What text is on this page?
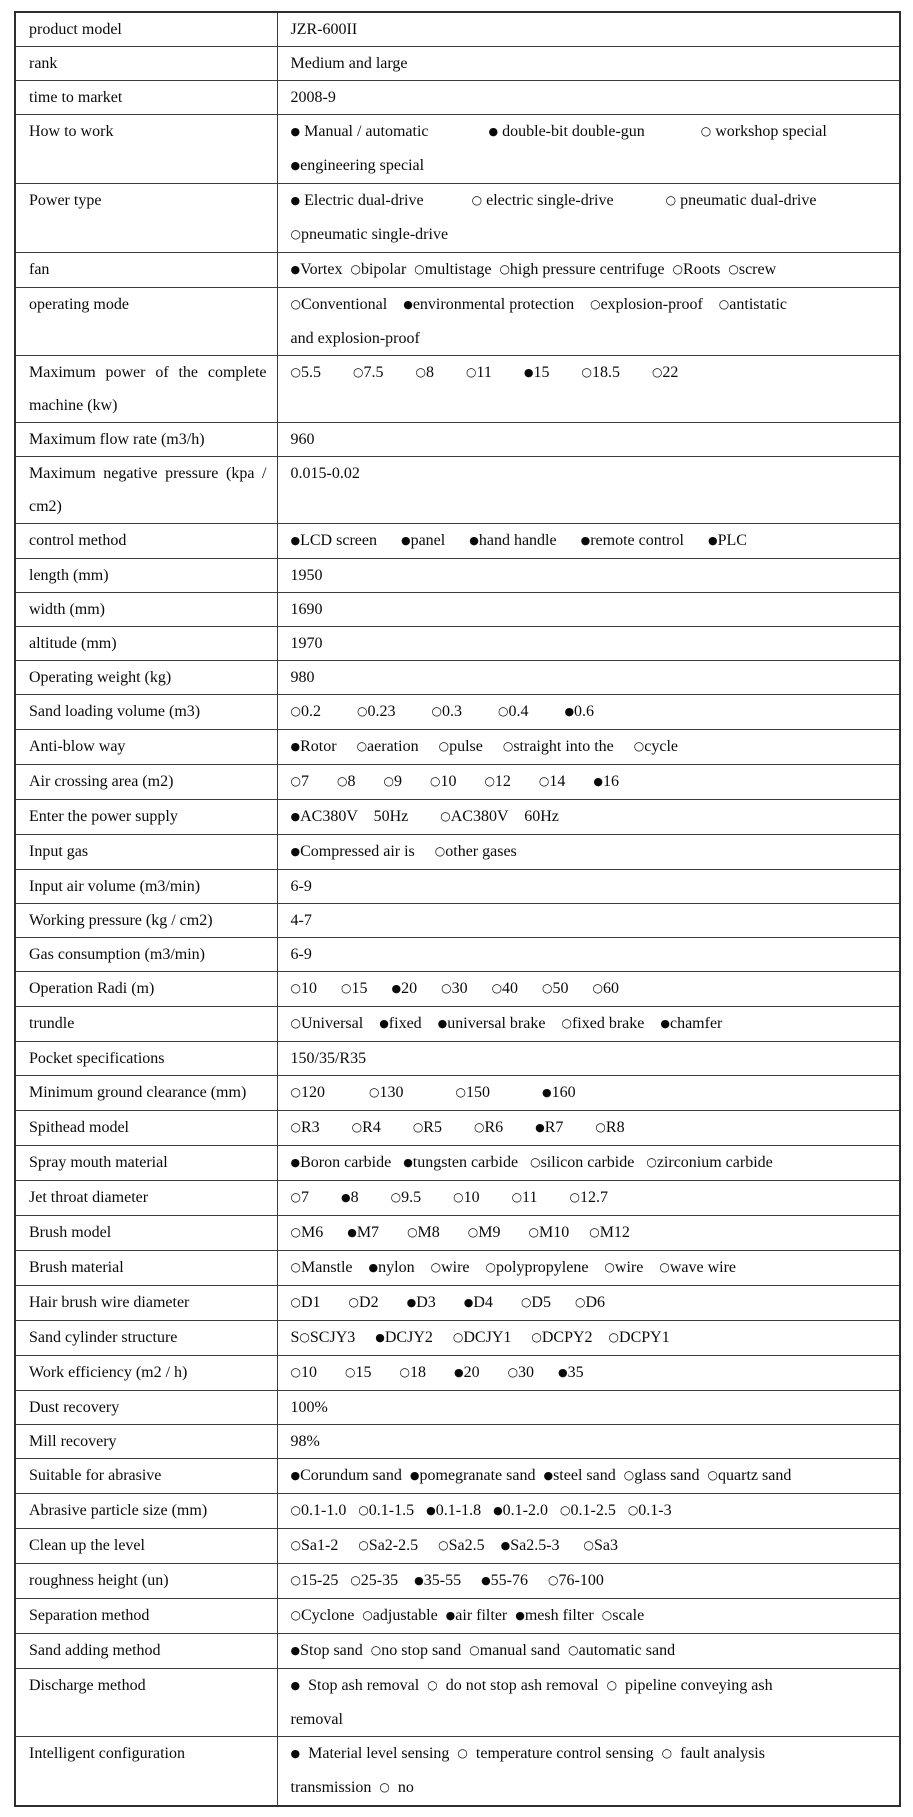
product model	JZR-600II
rank	Medium and large
time to market	2008-9
How to work	● Manual / automatic               ● double-bit double-gun              ○ workshop special
●engineering special
Power type	● Electric dual-drive            ○ electric single-drive             ○ pneumatic dual-drive
○pneumatic single-drive
fan	●Vortex  ○bipolar  ○multistage  ○high pressure centrifuge  ○Roots  ○screw
operating mode	○Conventional    ●environmental protection    ○explosion-proof    ○antistatic
and explosion-proof
Maximum power of the complete machine (kw)	○5.5        ○7.5        ○8        ○11        ●15        ○18.5        ○22
Maximum flow rate (m3/h)	960
Maximum negative pressure (kpa / cm2)	0.015-0.02
control method	●LCD screen      ●panel      ●hand handle      ●remote control      ●PLC
length (mm)	1950
width (mm)	1690
altitude (mm)	1970
Operating weight (kg)	980
Sand loading volume (m3)	○0.2         ○0.23         ○0.3         ○0.4         ●0.6
Anti-blow way	●Rotor     ○aeration     ○pulse     ○straight into the     ○cycle
Air crossing area (m2)	○7       ○8       ○9       ○10       ○12       ○14       ●16
Enter the power supply	●AC380V    50Hz        ○AC380V    60Hz
Input gas	●Compressed air is     ○other gases
Input air volume (m3/min)	6-9
Working pressure (kg / cm2)	4-7
Gas consumption (m3/min)	6-9
Operation Radi (m)	○10      ○15      ●20      ○30      ○40      ○50      ○60
trundle	○Universal    ●fixed    ●universal brake    ○fixed brake    ●chamfer
Pocket specifications	150/35/R35
Minimum ground clearance (mm)	○120           ○130             ○150             ●160
Spithead model	○R3        ○R4        ○R5        ○R6        ●R7        ○R8
Spray mouth material	●Boron carbide   ●tungsten carbide   ○silicon carbide   ○zirconium carbide
Jet throat diameter	○7        ●8        ○9.5        ○10        ○11        ○12.7
Brush model	○M6      ●M7       ○M8       ○M9       ○M10     ○M12
Brush material	○Manstle    ●nylon    ○wire    ○polypropylene    ○wire    ○wave wire
Hair brush wire diameter	○D1       ○D2       ●D3       ●D4       ○D5      ○D6
Sand cylinder structure	S○SCJY3     ●DCJY2     ○DCJY1     ○DCPY2    ○DCPY1
Work efficiency (m2 / h)	○10       ○15       ○18       ●20       ○30      ●35
Dust recovery	100%
Mill recovery	98%
Suitable for abrasive	●Corundum sand  ●pomegranate sand  ●steel sand  ○glass sand  ○quartz sand
Abrasive particle size (mm)	○0.1-1.0   ○0.1-1.5   ●0.1-1.8   ●0.1-2.0   ○0.1-2.5   ○0.1-3
Clean up the level	○Sa1-2     ○Sa2-2.5     ○Sa2.5    ●Sa2.5-3      ○Sa3
roughness height (un)	○15-25   ○25-35    ●35-55     ●55-76     ○76-100
Separation method	○Cyclone  ○adjustable  ●air filter  ●mesh filter  ○scale
Sand adding method	●Stop sand  ○no stop sand  ○manual sand  ○automatic sand
Discharge method	●  Stop ash removal  ○  do not stop ash removal  ○  pipeline conveying ash
removal
Intelligent configuration	●  Material level sensing  ○  temperature control sensing  ○  fault analysis
transmission  ○  no
